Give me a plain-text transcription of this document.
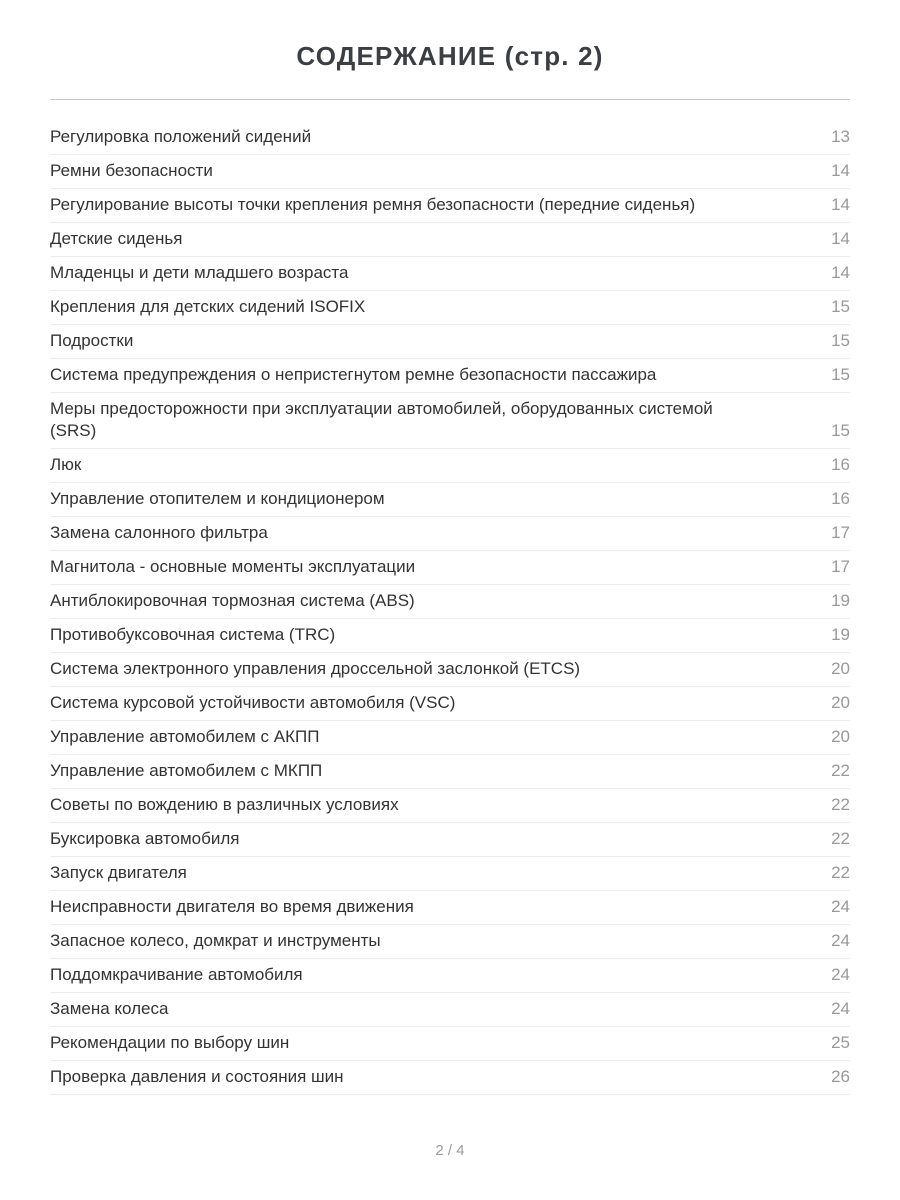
СОДЕРЖАНИЕ (стр. 2)
Регулировка положений сидений	13
Ремни безопасности	14
Регулирование высоты точки крепления ремня безопасности (передние сиденья)	14
Детские сиденья	14
Младенцы и дети младшего возраста	14
Крепления для детских сидений ISOFIX	15
Подростки	15
Система предупреждения о непристегнутом ремне безопасности пассажира	15
Меры предосторожности при эксплуатации автомобилей, оборудованных системой (SRS)	15
Люк	16
Управление отопителем и кондиционером	16
Замена салонного фильтра	17
Магнитола - основные моменты эксплуатации	17
Антиблокировочная тормозная система (ABS)	19
Противобуксовочная система (TRC)	19
Система электронного управления дроссельной заслонкой (ETCS)	20
Система курсовой устойчивости автомобиля (VSC)	20
Управление автомобилем с АКПП	20
Управление автомобилем с МКПП	22
Советы по вождению в различных условиях	22
Буксировка автомобиля	22
Запуск двигателя	22
Неисправности двигателя во время движения	24
Запасное колесо, домкрат и инструменты	24
Поддомкрачивание автомобиля	24
Замена колеса	24
Рекомендации по выбору шин	25
Проверка давления и состояния шин	26
2 / 4
